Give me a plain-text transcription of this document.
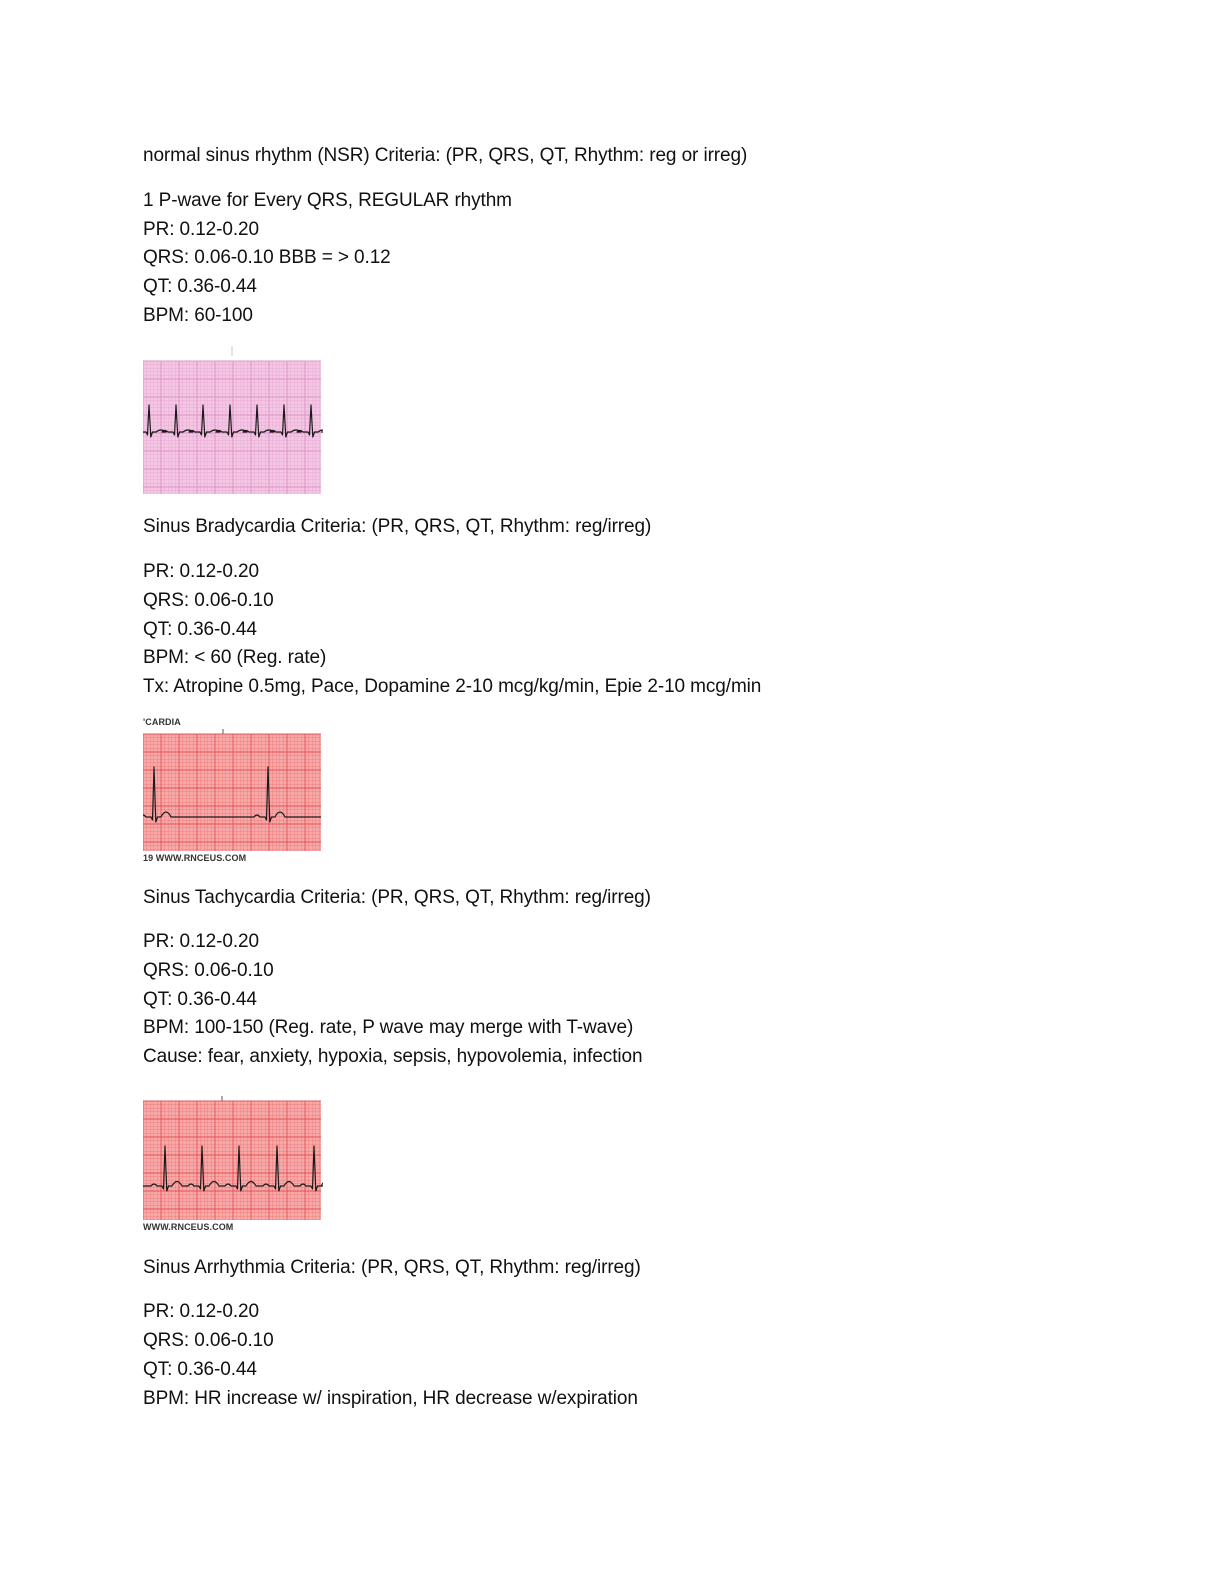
normal sinus rhythm (NSR) Criteria: (PR, QRS, QT, Rhythm: reg or irreg)
1 P-wave for Every QRS, REGULAR rhythm
PR: 0.12-0.20
QRS: 0.06-0.10 BBB = > 0.12
QT: 0.36-0.44
BPM: 60-100
Sinus Bradycardia Criteria: (PR, QRS, QT, Rhythm: reg/irreg)
PR: 0.12-0.20
QRS: 0.06-0.10
QT: 0.36-0.44
BPM: < 60 (Reg. rate)
Tx: Atropine 0.5mg, Pace, Dopamine 2-10 mcg/kg/min, Epie 2-10 mcg/min
'CARDIA
19 WWW.RNCEUS.COM
Sinus Tachycardia Criteria: (PR, QRS, QT, Rhythm: reg/irreg)
PR: 0.12-0.20
QRS: 0.06-0.10
QT: 0.36-0.44
BPM: 100-150 (Reg. rate, P wave may merge with T-wave)
Cause: fear, anxiety, hypoxia, sepsis, hypovolemia, infection
WWW.RNCEUS.COM
Sinus Arrhythmia Criteria: (PR, QRS, QT, Rhythm: reg/irreg)
PR: 0.12-0.20
QRS: 0.06-0.10
QT: 0.36-0.44
BPM: HR increase w/ inspiration, HR decrease w/expiration
